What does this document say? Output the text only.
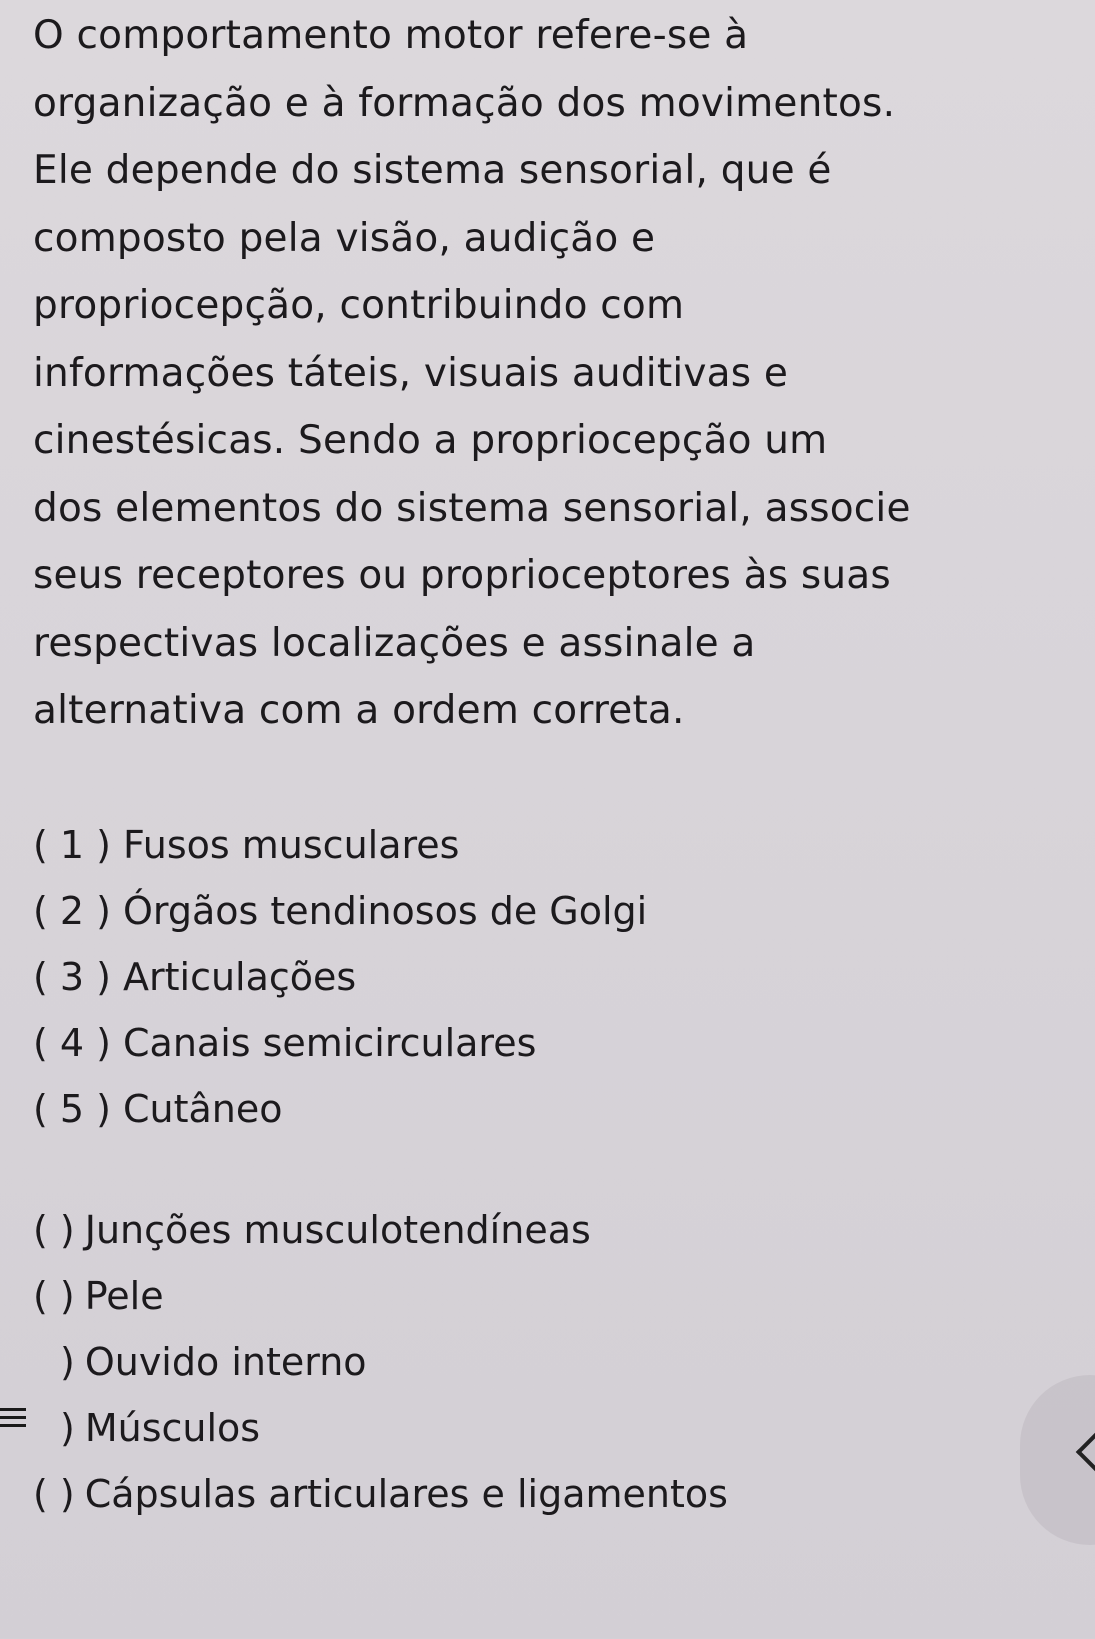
O comportamento motor refere-se à
organização e à formação dos movimentos.
Ele depende do sistema sensorial, que é
composto pela visão, audição e
propriocepção, contribuindo com
informações táteis, visuais auditivas e
cinestésicas. Sendo a propriocepção um
dos elementos do sistema sensorial, associe
seus receptores ou proprioceptores às suas
respectivas localizações e assinale a
alternativa com a ordem correta.

( 1 ) Fusos musculares
( 2 ) Órgãos tendinosos de Golgi
( 3 ) Articulações
( 4 ) Canais semicirculares
( 5 ) Cutâneo
( ) Junções musculotendíneas
( ) Pele
) Ouvido interno
) Músculos
( ) Cápsulas articulares e ligamentos
